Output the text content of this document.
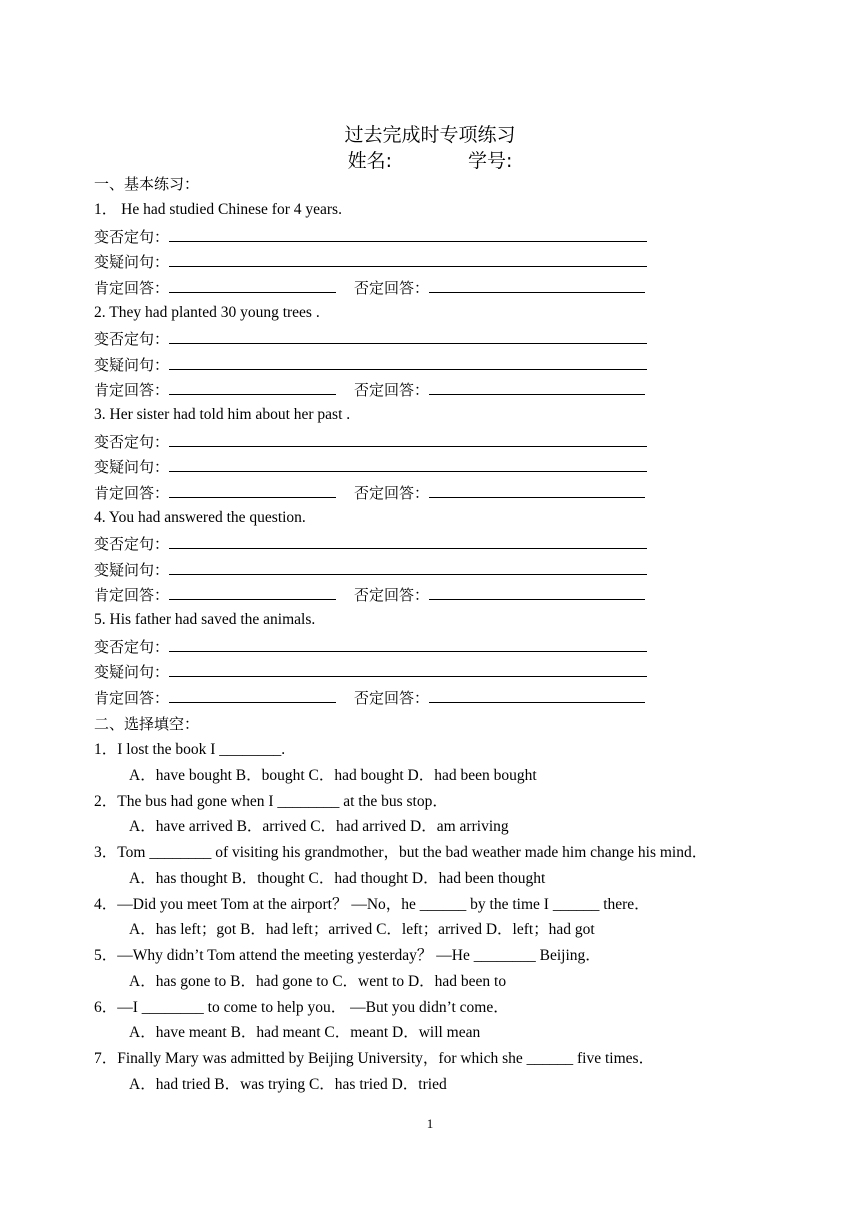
过去完成时专项练习
姓名:	学号:
一、基本练习：
1． He had studied Chinese for 4 years.
变否定句：
变疑问句：
肯定回答：	否定回答：
2. They had planted 30 young trees .
变否定句：
变疑问句：
肯定回答：	否定回答：
3. Her sister had told him about her past .
变否定句：
变疑问句：
肯定回答：	否定回答：
4. You had answered the question.
变否定句：
变疑问句：
肯定回答：	否定回答：
5. His father had saved the animals.
变否定句：
变疑问句：
肯定回答：	否定回答：
二、选择填空：
1．I lost the book I ________.
A．have bought B．bought C．had bought D．had been bought
2．The bus had gone when I ________ at the bus stop．
A．have arrived B．arrived C．had arrived D．am arriving
3．Tom ________ of visiting his grandmother，but the bad weather made him change his mind．
A．has thought B．thought C．had thought D．had been thought
4．—Did you meet Tom at the airport？ —No，he ______ by the time I ______ there．
A．has left；got B．had left；arrived C．left；arrived D．left；had got
5．—Why didn’t Tom attend the meeting yesterday？ —He ________ Beijing．
A．has gone to B．had gone to C．went to D．had been to
6．—I ________ to come to help you． —But you didn’t come．
A．have meant B．had meant C．meant D．will mean
7．Finally Mary was admitted by Beijing University，for which she ______ five times．
A．had tried B．was trying C．has tried D．tried
1
